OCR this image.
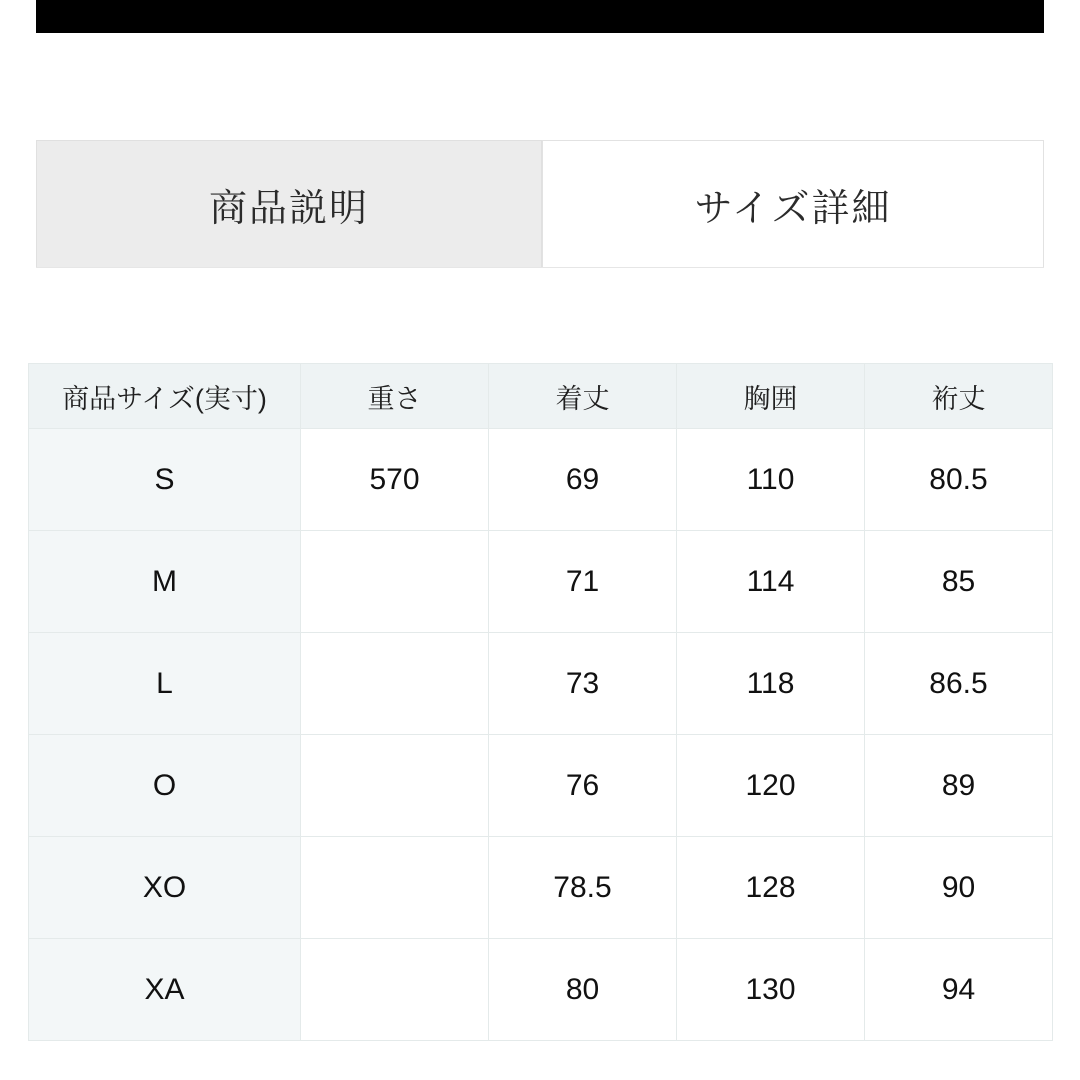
商品説明	サイズ詳細
商品サイズ(実寸)	重さ	着丈	胸囲	裄丈
S	570	69	110	80.5
M		71	114	85
L		73	118	86.5
O		76	120	89
XO		78.5	128	90
XA		80	130	94
